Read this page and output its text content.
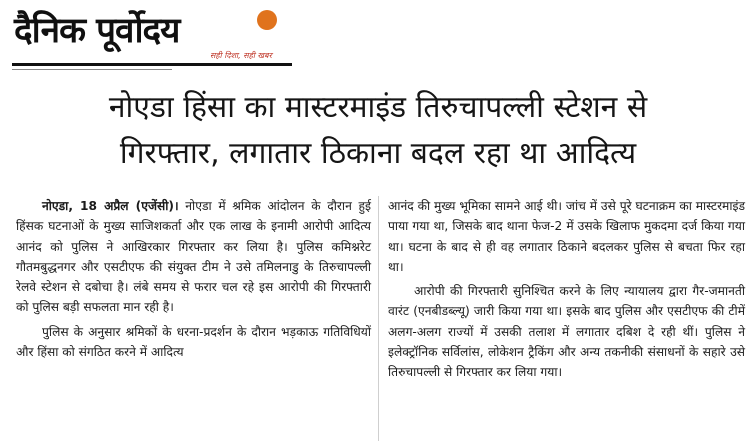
दैनिक पूर्वोदय
सही दिशा, सही खबर
नोएडा हिंसा का मास्टरमाइंड तिरुचापल्ली स्टेशन से
गिरफ्तार, लगातार ठिकाना बदल रहा था आदित्य

नोएडा, 18 अप्रैल (एजेंसी)। नोएडा में श्रमिक आंदोलन के दौरान हुई हिंसक घटनाओं के मुख्य साजिशकर्ता और एक लाख के इनामी आरोपी आदित्य आनंद को पुलिस ने आखिरकार गिरफ्तार कर लिया है। पुलिस कमिश्नरेट गौतमबुद्धनगर और एसटीएफ की संयुक्त टीम ने उसे तमिलनाडु के तिरुचापल्ली रेलवे स्टेशन से दबोचा है। लंबे समय से फरार चल रहे इस आरोपी की गिरफ्तारी को पुलिस बड़ी सफलता मान रही है।

पुलिस के अनुसार श्रमिकों के धरना-प्रदर्शन के दौरान भड़काऊ गतिविधियों और हिंसा को संगठित करने में आदित्य

आनंद की मुख्य भूमिका सामने आई थी। जांच में उसे पूरे घटनाक्रम का मास्टरमाइंड पाया गया था, जिसके बाद थाना फेज-2 में उसके खिलाफ मुकदमा दर्ज किया गया था। घटना के बाद से ही वह लगातार ठिकाने बदलकर पुलिस से बचता फिर रहा था।

आरोपी की गिरफ्तारी सुनिश्चित करने के लिए न्यायालय द्वारा गैर-जमानती वारंट (एनबीडब्ल्यू) जारी किया गया था। इसके बाद पुलिस और एसटीएफ की टीमें अलग-अलग राज्यों में उसकी तलाश में लगातार दबिश दे रही थीं। पुलिस ने इलेक्ट्रॉनिक सर्विलांस, लोकेशन ट्रैकिंग और अन्य तकनीकी संसाधनों के सहारे उसे तिरुचापल्ली से गिरफ्तार कर लिया गया।
